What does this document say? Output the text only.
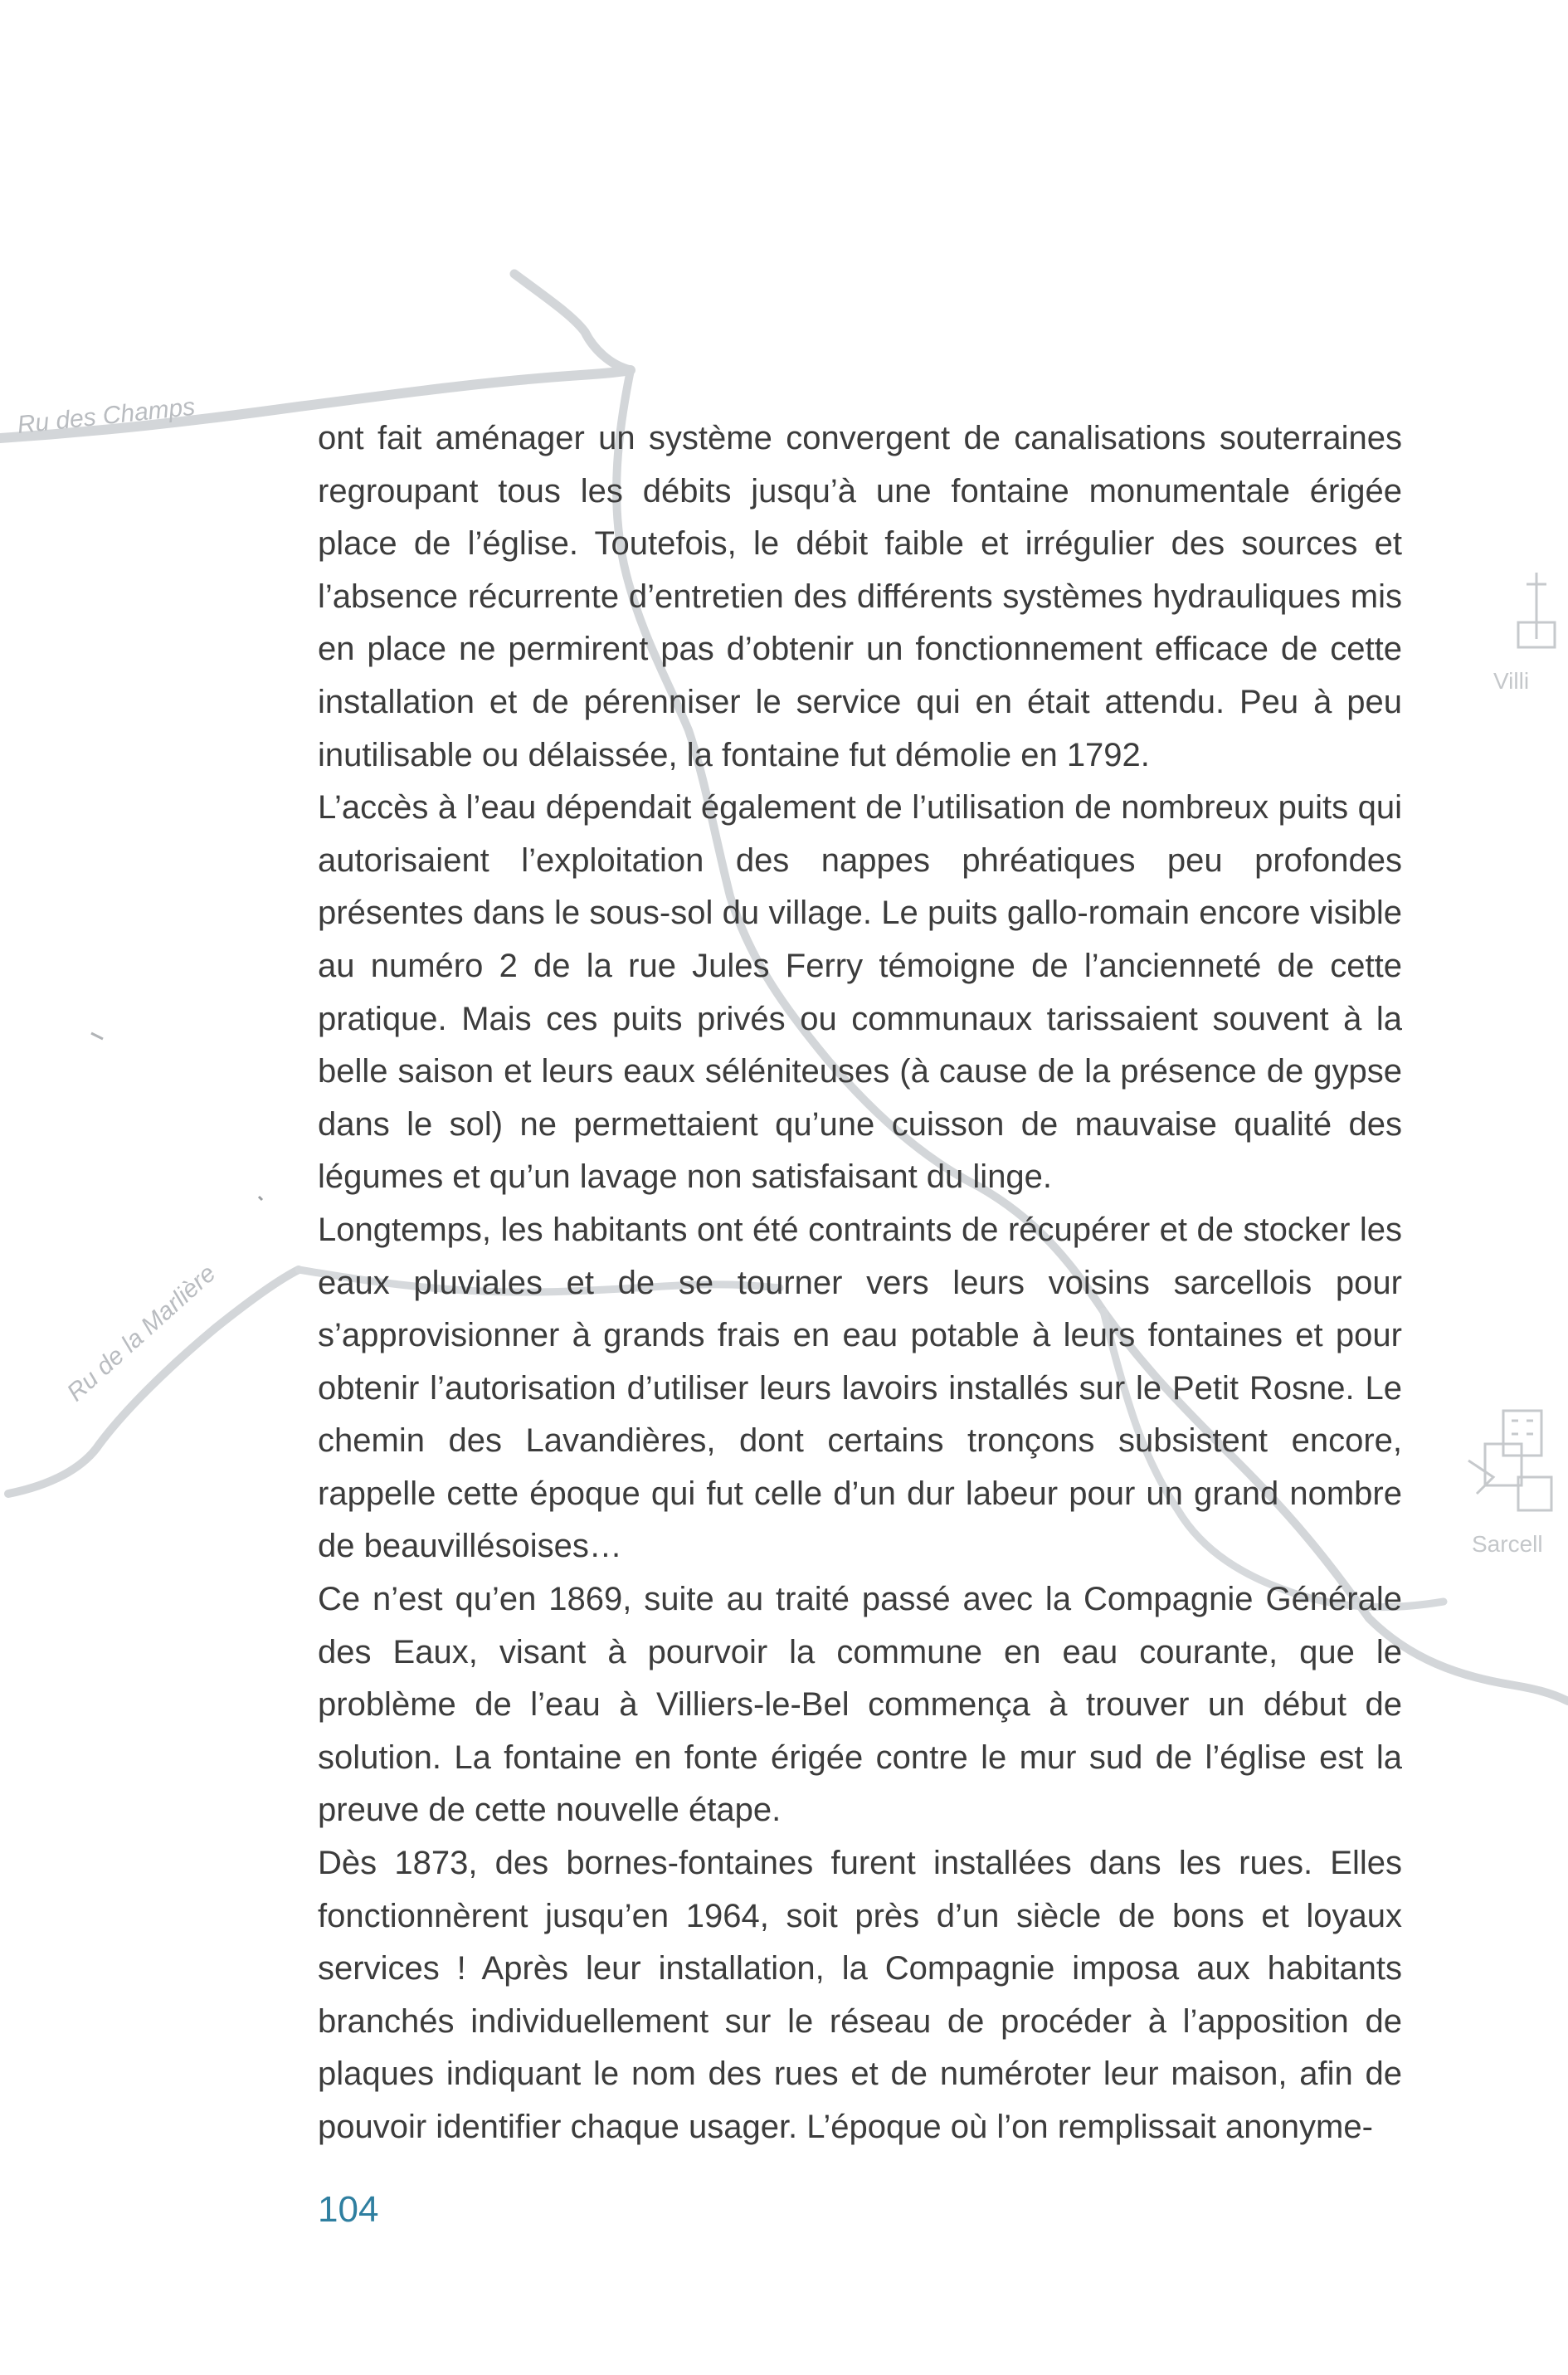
Ru des Champs
Ru de la Marlière
Villi
Sarcell

ont fait aménager un système convergent de canalisations souterraines regroupant tous les débits jusqu’à une fontaine monumentale érigée place de l’église. Toutefois, le débit faible et irrégulier des sources et l’absence récurrente d’entretien des différents systèmes hydrauliques mis en place ne permirent pas d’obtenir un fonctionnement efficace de cette installation et de pérenniser le service qui en était attendu. Peu à peu inutilisable ou délaissée, la fontaine fut démolie en 1792.

L’accès à l’eau dépendait également de l’utilisation de nombreux puits qui autorisaient l’exploitation des nappes phréatiques peu profondes présentes dans le sous-sol du village. Le puits gallo-romain encore visible au numéro 2 de la rue Jules Ferry témoigne de l’ancienneté de cette pratique. Mais ces puits privés ou communaux tarissaient souvent à la belle saison et leurs eaux séléniteuses (à cause de la présence de gypse dans le sol) ne permettaient qu’une cuisson de mauvaise qualité des légumes et qu’un lavage non satisfaisant du linge.

Longtemps, les habitants ont été contraints de récupérer et de stocker les eaux pluviales et de se tourner vers leurs voisins sarcellois pour s’approvisionner à grands frais en eau potable à leurs fontaines et pour obtenir l’autorisation d’utiliser leurs lavoirs installés sur le Petit Rosne. Le chemin des Lavandières, dont certains tronçons subsistent encore, rappelle cette époque qui fut celle d’un dur labeur pour un grand nombre de beauvillésoises…

Ce n’est qu’en 1869, suite au traité passé avec la Compagnie Générale des Eaux, visant à pourvoir la commune en eau courante, que le problème de l’eau à Villiers-le-Bel commença à trouver un début de solution. La fontaine en fonte érigée contre le mur sud de l’église est la preuve de cette nouvelle étape.

Dès 1873, des bornes-fontaines furent installées dans les rues. Elles fonctionnèrent jusqu’en 1964, soit près d’un siècle de bons et loyaux services ! Après leur installation, la Compagnie imposa aux habitants branchés individuellement sur le réseau de procéder à l’apposition de plaques indiquant le nom des rues et de numéroter leur maison, afin de pouvoir identifier chaque usager. L’époque où l’on remplissait anonyme-

104
